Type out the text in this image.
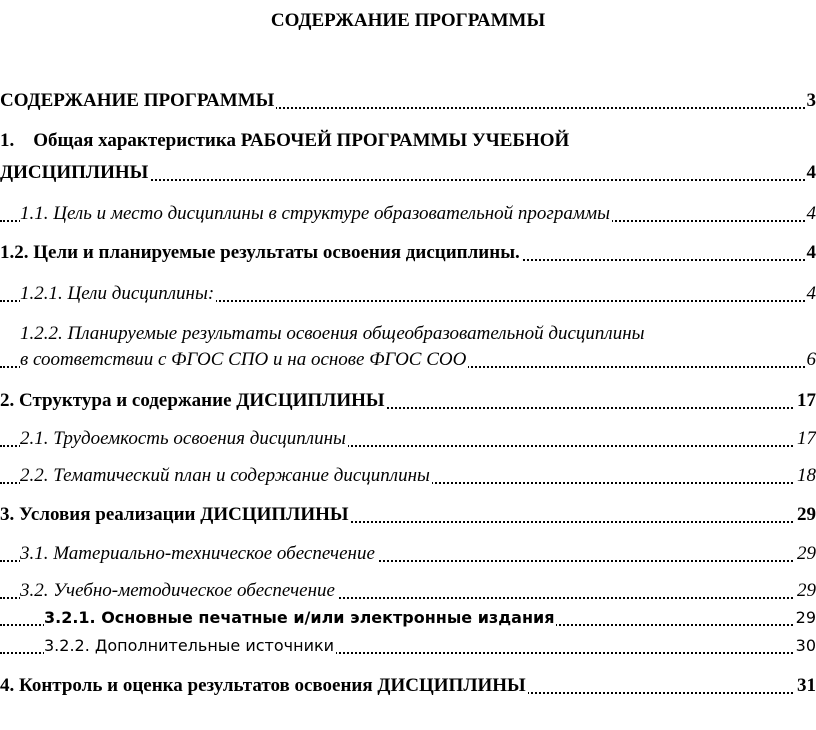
СОДЕРЖАНИЕ ПРОГРАММЫ
СОДЕРЖАНИЕ ПРОГРАММЫ	3
1.    Общая характеристика РАБОЧЕЙ ПРОГРАММЫ УЧЕБНОЙ
ДИСЦИПЛИНЫ	4
1.1. Цель и место дисциплины в структуре образовательной программы	4
1.2. Цели и планируемые результаты освоения дисциплины.	4
1.2.1. Цели дисциплины:	4
1.2.2. Планируемые результаты освоения общеобразовательной дисциплины
в соответствии с ФГОС СПО и на основе ФГОС СОО	6
2. Структура и содержание ДИСЦИПЛИНЫ	17
2.1. Трудоемкость освоения дисциплины	17
2.2. Тематический план и содержание дисциплины	18
3. Условия реализации ДИСЦИПЛИНЫ	29
3.1. Материально-техническое обеспечение	29
3.2. Учебно-методическое обеспечение	29
3.2.1. Основные печатные и/или электронные издания	29
3.2.2. Дополнительные источники	30
4. Контроль и оценка результатов освоения ДИСЦИПЛИНЫ	31
